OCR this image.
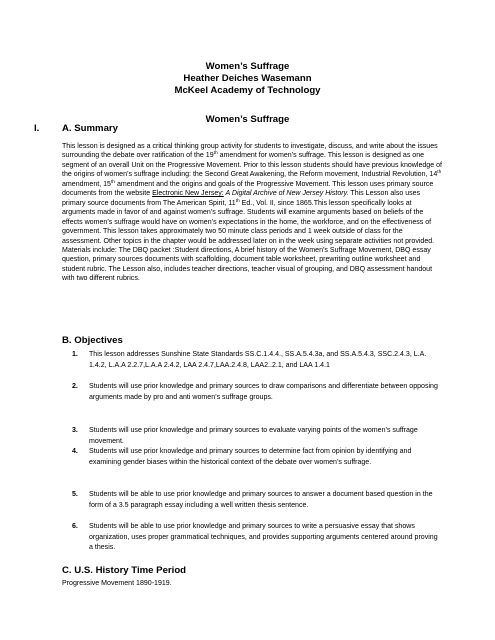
Women’s Suffrage
Heather Deiches Wasemann
McKeel Academy of Technology
Women’s Suffrage
I. A. Summary
This lesson is designed as a critical thinking group activity for students to investigate, discuss, and write about the issues surrounding the debate over ratification of the 19th amendment for women’s suffrage. This lesson is designed as one segment of an overall Unit on the Progressive Movement. Prior to this lesson students should have previous knowledge of the origins of women’s suffrage including: the Second Great Awakening, the Reform movement, Industrial Revolution, 14th amendment, 15th amendment and the origins and goals of the Progressive Movement. This lesson uses primary source documents from the website Electronic New Jersey: A Digital Archive of New Jersey History. This Lesson also uses primary source documents from The American Spirit, 11th Ed., Vol. II, since 1865.This lesson specifically looks at arguments made in favor of and against women’s suffrage. Students will examine arguments based on beliefs of the effects women’s suffrage would have on women’s expectations in the home, the workforce, and on the effectiveness of government. This lesson takes approximately two 50 minute class periods and 1 week outside of class for the assessment. Other topics in the chapter would be addressed later on in the week using separate activities not provided. Materials include: The DBQ packet :Student directions, A brief history of the Women’s Suffrage Movement, DBQ essay question, primary sources documents with scaffolding, document table worksheet, prewriting outline worksheet and student rubric. The Lesson also, includes teacher directions, teacher visual of grouping, and DBQ assessment handout with two different rubrics.
B. Objectives
1. This lesson addresses Sunshine State Standards SS.C.1.4.4., SS.A.5.4.3a, and SS.A.5.4.3, SSC.2.4.3, L.A. 1.4.2, L.A.A 2.2.7,L.A.A 2.4.2, LAA 2.4.7,LAA.2.4.8, LAA2..2.1, and LAA 1.4.1
2. Students will use prior knowledge and primary sources to draw comparisons and differentiate between opposing arguments made by pro and anti women’s suffrage groups.
3. Students will use prior knowledge and primary sources to evaluate varying points of the women’s suffrage movement.
4. Students will use prior knowledge and primary sources to determine fact from opinion by identifying and examining gender biases within the historical context of the debate over women’s suffrage.
5. Students will be able to use prior knowledge and primary sources to answer a document based question in the form of a 3.5 paragraph essay including a well written thesis sentence.
6. Students will be able to use prior knowledge and primary sources to write a persuasive essay that shows organization, uses proper grammatical techniques, and provides supporting arguments centered around proving a thesis.
C. U.S. History Time Period
Progressive Movement 1890-1919.
